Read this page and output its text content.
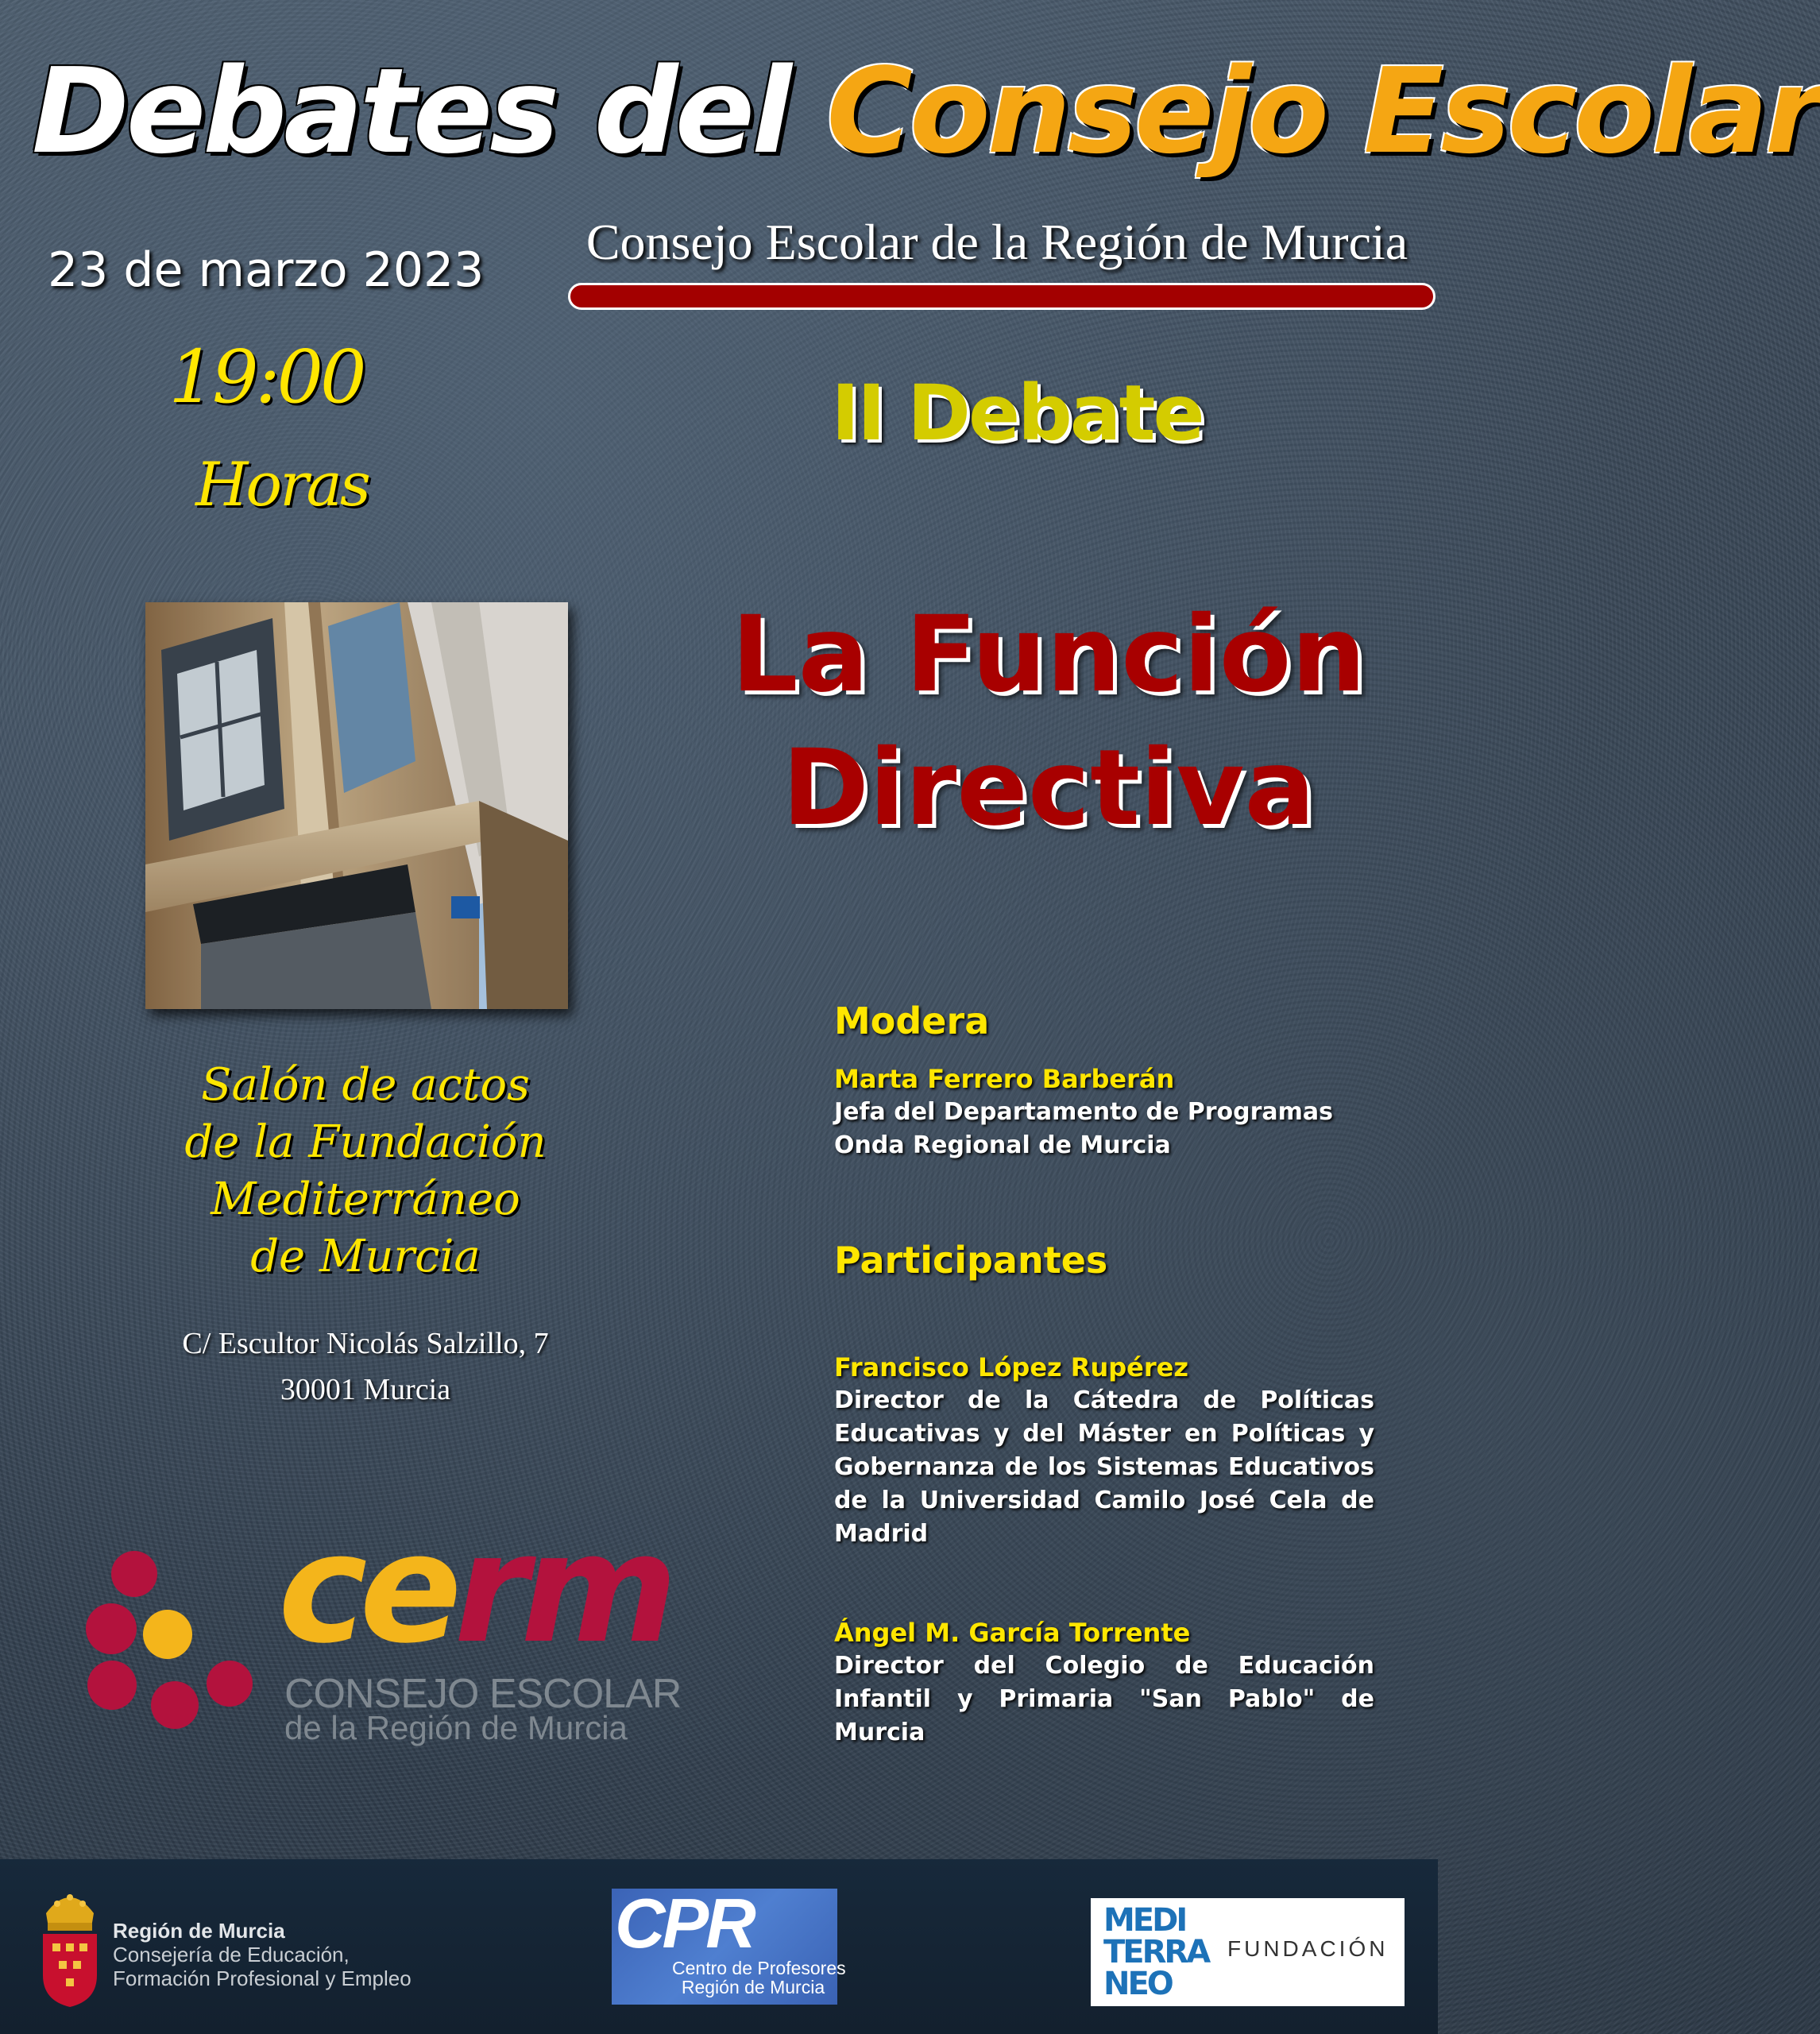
Debates del Consejo Escolar
23 de marzo 2023	Consejo Escolar de la Región de Murcia
19:00
Horas
II Debate
La Función
Directiva
Salón de actos
de la Fundación
Mediterráneo
de Murcia
C/ Escultor Nicolás Salzillo, 7
30001 Murcia
Modera
Marta Ferrero Barberán
Jefa del Departamento de Programas
Onda Regional de Murcia
Participantes
Francisco López Rupérez
Director de la Cátedra de Políticas Educativas y del Máster en Políticas y Gobernanza de los Sistemas Educativos de la Universidad Camilo José Cela de Madrid
Ángel M. García Torrente
Director del Colegio de Educación Infantil y Primaria "San Pablo" de Murcia
cerm
CONSEJO ESCOLAR
de la Región de Murcia
Región de Murcia
Consejería de Educación,
Formación Profesional y Empleo
CPR
Centro de Profesores
Región de Murcia
MEDI
TERRA
NEO
FUNDACIÓN
